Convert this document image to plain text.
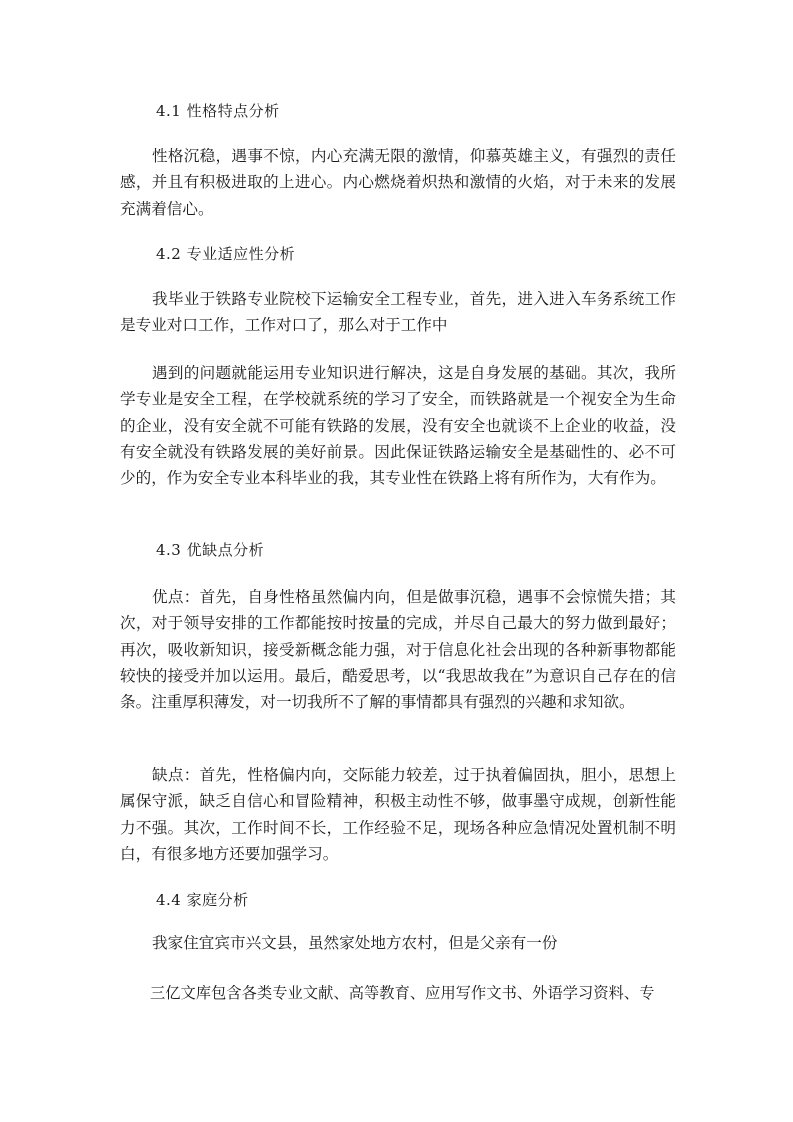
4.1 性格特点分析

性格沉稳，遇事不惊，内心充满无限的激情，仰慕英雄主义，有强烈的责任感，并且有积极进取的上进心。内心燃烧着炽热和激情的火焰，对于未来的发展充满着信心。

4.2 专业适应性分析

我毕业于铁路专业院校下运输安全工程专业，首先，进入进入车务系统工作是专业对口工作，工作对口了，那么对于工作中

遇到的问题就能运用专业知识进行解决，这是自身发展的基础。其次，我所学专业是安全工程，在学校就系统的学习了安全，而铁路就是一个视安全为生命的企业，没有安全就不可能有铁路的发展，没有安全也就谈不上企业的收益，没有安全就没有铁路发展的美好前景。因此保证铁路运输安全是基础性的、必不可少的，作为安全专业本科毕业的我，其专业性在铁路上将有所作为，大有作为。

4.3 优缺点分析

优点：首先，自身性格虽然偏内向，但是做事沉稳，遇事不会惊慌失措；其次，对于领导安排的工作都能按时按量的完成，并尽自己最大的努力做到最好；再次，吸收新知识，接受新概念能力强，对于信息化社会出现的各种新事物都能较快的接受并加以运用。最后，酷爱思考，以“我思故我在”为意识自己存在的信条。注重厚积薄发，对一切我所不了解的事情都具有强烈的兴趣和求知欲。

缺点：首先，性格偏内向，交际能力较差，过于执着偏固执，胆小，思想上属保守派，缺乏自信心和冒险精神，积极主动性不够，做事墨守成规，创新性能力不强。其次，工作时间不长，工作经验不足，现场各种应急情况处置机制不明白，有很多地方还要加强学习。

4.4 家庭分析

我家住宜宾市兴文县，虽然家处地方农村，但是父亲有一份

三亿文库包含各类专业文献、高等教育、应用写作文书、外语学习资料、专
